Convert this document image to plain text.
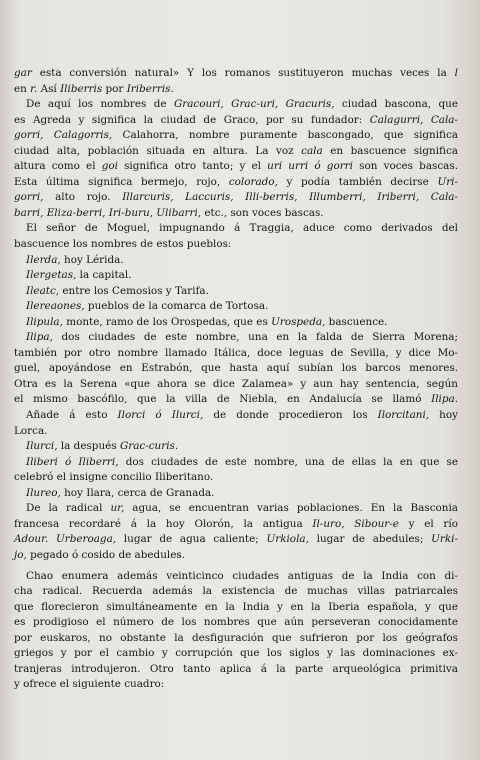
gar esta conversión natural» Y los romanos sustituyeron muchas veces la l
en r. Así Iliberris por Iriberris.
De aquí los nombres de Gracouri, Grac-uri, Gracuris, ciudad bascona, que
es Agreda y significa la ciudad de Graco, por su fundador: Calagurri, Cala-
gorri, Calagorris, Calahorra, nombre puramente bascongado, que significa
ciudad alta, población situada en altura. La voz cala en bascuence significa
altura como el goi significa otro tanto; y el uri urri ó gorri son voces bascas.
Esta última significa bermejo, rojo, colorado, y podía también decirse Uri-
gorri, alto rojo. Illarcuris, Laccuris, Illi-berris, Illumberri, Iriberri, Cala-
barri, Eliza-berri, Iri-buru, Ulibarri, etc., son voces bascas.
El señor de Moguel, impugnando á Traggia, aduce como derivados del
bascuence los nombres de estos pueblos:
Ilerda, hoy Lérida.
Ilergetas, la capital.
Ileatc, entre los Cemosios y Tarifa.
Ilereaones, pueblos de la comarca de Tortosa.
Ilipula, monte, ramo de los Orospedas, que es Urospeda, bascuence.
Ilipa, dos ciudades de este nombre, una en la falda de Sierra Morena;
también por otro nombre llamado Itálica, doce leguas de Sevilla, y dice Mo-
guel, apoyándose en Estrabón, que hasta aquí subían los barcos menores.
Otra es la Serena «que ahora se dice Zalamea» y aun hay sentencia, según
el mismo bascófilo, que la villa de Niebla, en Andalucía se llamó Ilipa.
Añade á esto Ilorci ó Ilurci, de donde procedieron los Ilorcitani, hoy
Lorca.
Ilurci, la después Grac-curis.
Iliberi ó Iliberri, dos ciudades de este nombre, una de ellas la en que se
celebró el insigne concilio Iliberitano.
Ilureo, hoy Ilara, cerca de Granada.
De la radical ur, agua, se encuentran varias poblaciones. En la Basconia
francesa recordaré á la hoy Olorón, la antigua Il-uro, Sibour-e y el río
Adour. Urberoaga, lugar de agua caliente; Urkiola, lugar de abedules; Urki-
jo, pegado ó cosido de abedules.
Chao enumera además veinticinco ciudades antiguas de la India con di-
cha radical. Recuerda además la existencia de muchas villas patriarcales
que florecieron simultáneamente en la India y en la Iberia española, y que
es prodigioso el número de los nombres que aún perseveran conocidamente
por euskaros, no obstante la desfiguración que sufrieron por los geógrafos
griegos y por el cambio y corrupción que los siglos y las dominaciones ex-
tranjeras introdujeron. Otro tanto aplica á la parte arqueológica primitiva
y ofrece el siguiente cuadro:
